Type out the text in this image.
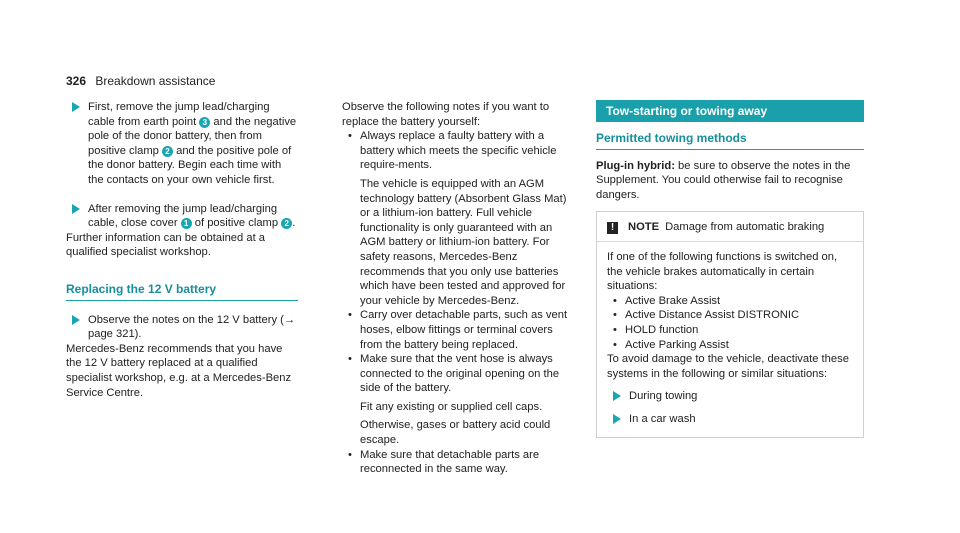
326 Breakdown assistance
First, remove the jump lead/charging cable from earth point 3 and the negative pole of the donor battery, then from positive clamp 2 and the positive pole of the donor battery. Begin each time with the contacts on your own vehicle first.
After removing the jump lead/charging cable, close cover 1 of positive clamp 2 .

Further information can be obtained at a qualified specialist workshop.

Replacing the 12 V battery

Observe the notes on the 12 V battery (→ page 321).

Mercedes-Benz recommends that you have the 12 V battery replaced at a qualified specialist workshop, e.g. at a Mercedes-Benz Service Centre.

Observe the following notes if you want to replace the battery yourself:

• Always replace a faulty battery with a battery which meets the specific vehicle require-ments.

The vehicle is equipped with an AGM technology battery (Absorbent Glass Mat) or a lithium-ion battery. Full vehicle functionality is only guaranteed with an AGM battery or lithium-ion battery. For safety reasons, Mercedes-Benz recommends that you only use batteries which have been tested and approved for your vehicle by Mercedes-Benz.

• Carry over detachable parts, such as vent hoses, elbow fittings or terminal covers from the battery being replaced.
• Make sure that the vent hose is always connected to the original opening on the side of the battery.

Fit any existing or supplied cell caps.

Otherwise, gases or battery acid could escape.

• Make sure that detachable parts are reconnected in the same way.
Tow-starting or towing away

Permitted towing methods

Plug-in hybrid: be sure to observe the notes in the Supplement. You could otherwise fail to recognise dangers.

!	NOTE Damage from automatic braking

If one of the following functions is switched on, the vehicle brakes automatically in certain situations:

• Active Brake Assist
• Active Distance Assist DISTRONIC
• HOLD function
• Active Parking Assist

To avoid damage to the vehicle, deactivate these systems in the following or similar situations:

During towing
In a car wash
